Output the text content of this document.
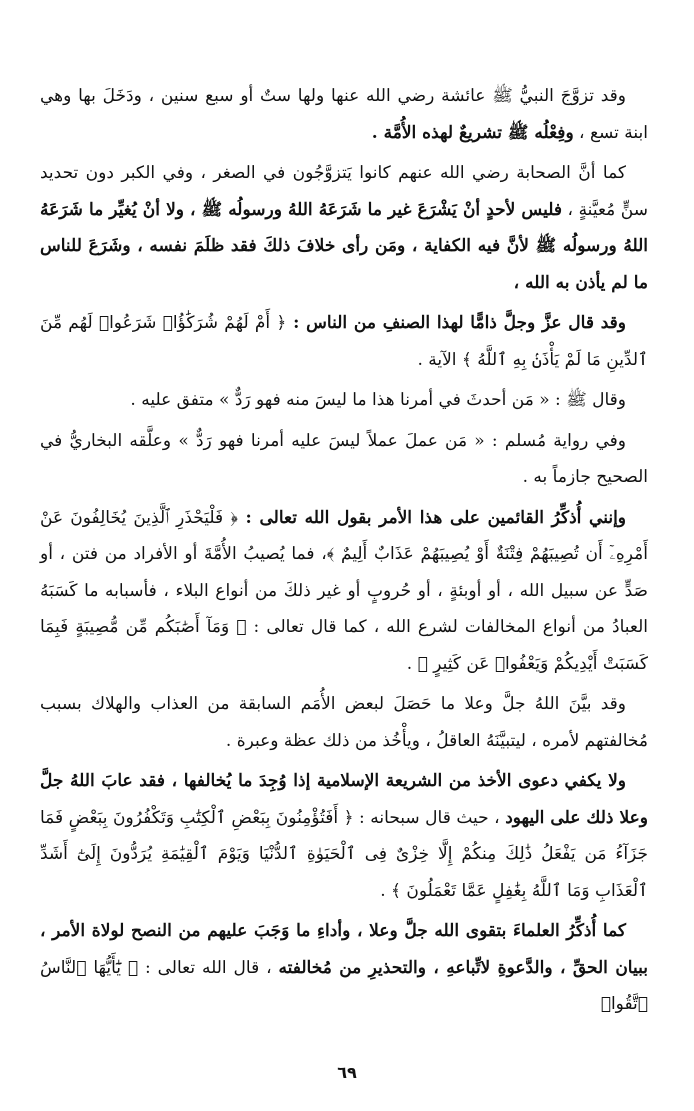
وقد تزوَّجَ النبيُّ ﷺ عائشة رضي الله عنها ولها ستٌ أو سبع سنين ، ودَخَلَ بها وهي ابنة تسع ، وفِعْلُه ﷺ تشريعٌ لهذه الأُمَّة .

كما أنَّ الصحابة رضي الله عنهم كانوا يَتزوَّجُون في الصغر ، وفي الكبر دون تحديد سنٍّ مُعيَّنةٍ ، فليس لأحدٍ أنْ يَشْرَعَ غير ما شَرَعَهُ اللهُ ورسولُه ﷺ ، ولا أنْ يُغيِّر ما شَرَعَهُ اللهُ ورسولُه ﷺ لأنَّ فيه الكفاية ، ومَن رأى خلافَ ذلكَ فقد ظلَمَ نفسه ، وشَرَعَ للناس ما لم يأذن به الله ،

وقد قال عزَّ وجلَّ ذامًّا لهذا الصنفِ من الناس : ﴿ أَمْ لَهُمْ شُرَكَٰؤُا۟ شَرَعُوا۟ لَهُم مِّنَ ٱلدِّينِ مَا لَمْ يَأْذَنۢ بِهِ ٱللَّهُ ﴾ الآية .

وقال ﷺ : « مَن أحدثَ في أمرنا هذا ما ليسَ منه فهو رَدٌّ » متفق عليه .

وفي رواية مُسلم : « مَن عملَ عملاً ليسَ عليه أمرنا فهو رَدٌّ » وعلَّقه البخاريُّ في الصحيح جازماً به .

وإنني أُذكِّرُ القائمين على هذا الأمر بقول الله تعالى : ﴿ فَلْيَحْذَرِ ٱلَّذِينَ يُخَالِفُونَ عَنْ أَمْرِهِۦٓ أَن تُصِيبَهُمْ فِتْنَةٌ أَوْ يُصِيبَهُمْ عَذَابٌ أَلِيمٌ ﴾، فما يُصيبُ الأُمَّةَ أو الأفراد من فتن ، أو صَدٍّ عن سبيل الله ، أو أوبئةٍ ، أو حُروبٍ أو غير ذلكَ من أنواع البلاء ، فأسبابه ما كَسَبَهُ العبادُ من أنواع المخالفات لشرع الله ، كما قال تعالى : ﴿ وَمَآ أَصَٰبَكُم مِّن مُّصِيبَةٍ فَبِمَا كَسَبَتْ أَيْدِيكُمْ وَيَعْفُوا۟ عَن كَثِيرٍ ﴾ .

وقد بيَّنَ اللهُ جلَّ وعلا ما حَصَلَ لبعض الأُمَم السابقة من العذاب والهلاك بسبب مُخالفتهم لأمره ، ليتبيَّنَهُ العاقلُ ، ويأْخُذ من ذلك عظة وعبرة .

ولا يكفي دعوى الأخذ من الشريعة الإسلامية إذا وُجِدَ ما يُخالفها ، فقد عابَ اللهُ جلَّ وعلا ذلك على اليهود ، حيث قال سبحانه : ﴿ أَفَتُؤْمِنُونَ بِبَعْضِ ٱلْكِتَٰبِ وَتَكْفُرُونَ بِبَعْضٍ فَمَا جَزَآءُ مَن يَفْعَلُ ذَٰلِكَ مِنكُمْ إِلَّا خِزْىٌ فِى ٱلْحَيَوٰةِ ٱلدُّنْيَا وَيَوْمَ ٱلْقِيَٰمَةِ يُرَدُّونَ إِلَىٰٓ أَشَدِّ ٱلْعَذَابِ وَمَا ٱللَّهُ بِغَٰفِلٍ عَمَّا تَعْمَلُونَ ﴾ .

كما أُذكِّرُ العلماءَ بتقوى الله جلَّ وعلا ، وأداءِ ما وَجَبَ عليهم من النصح لولاة الأمر ، ببيان الحقِّ ، والدَّعوةِ لاتِّباعهِ ، والتحذيرِ من مُخالفته ، قال الله تعالى : ﴿ يَٰٓأَيُّهَا ٱلنَّاسُ ٱتَّقُوا۟

٦٩
